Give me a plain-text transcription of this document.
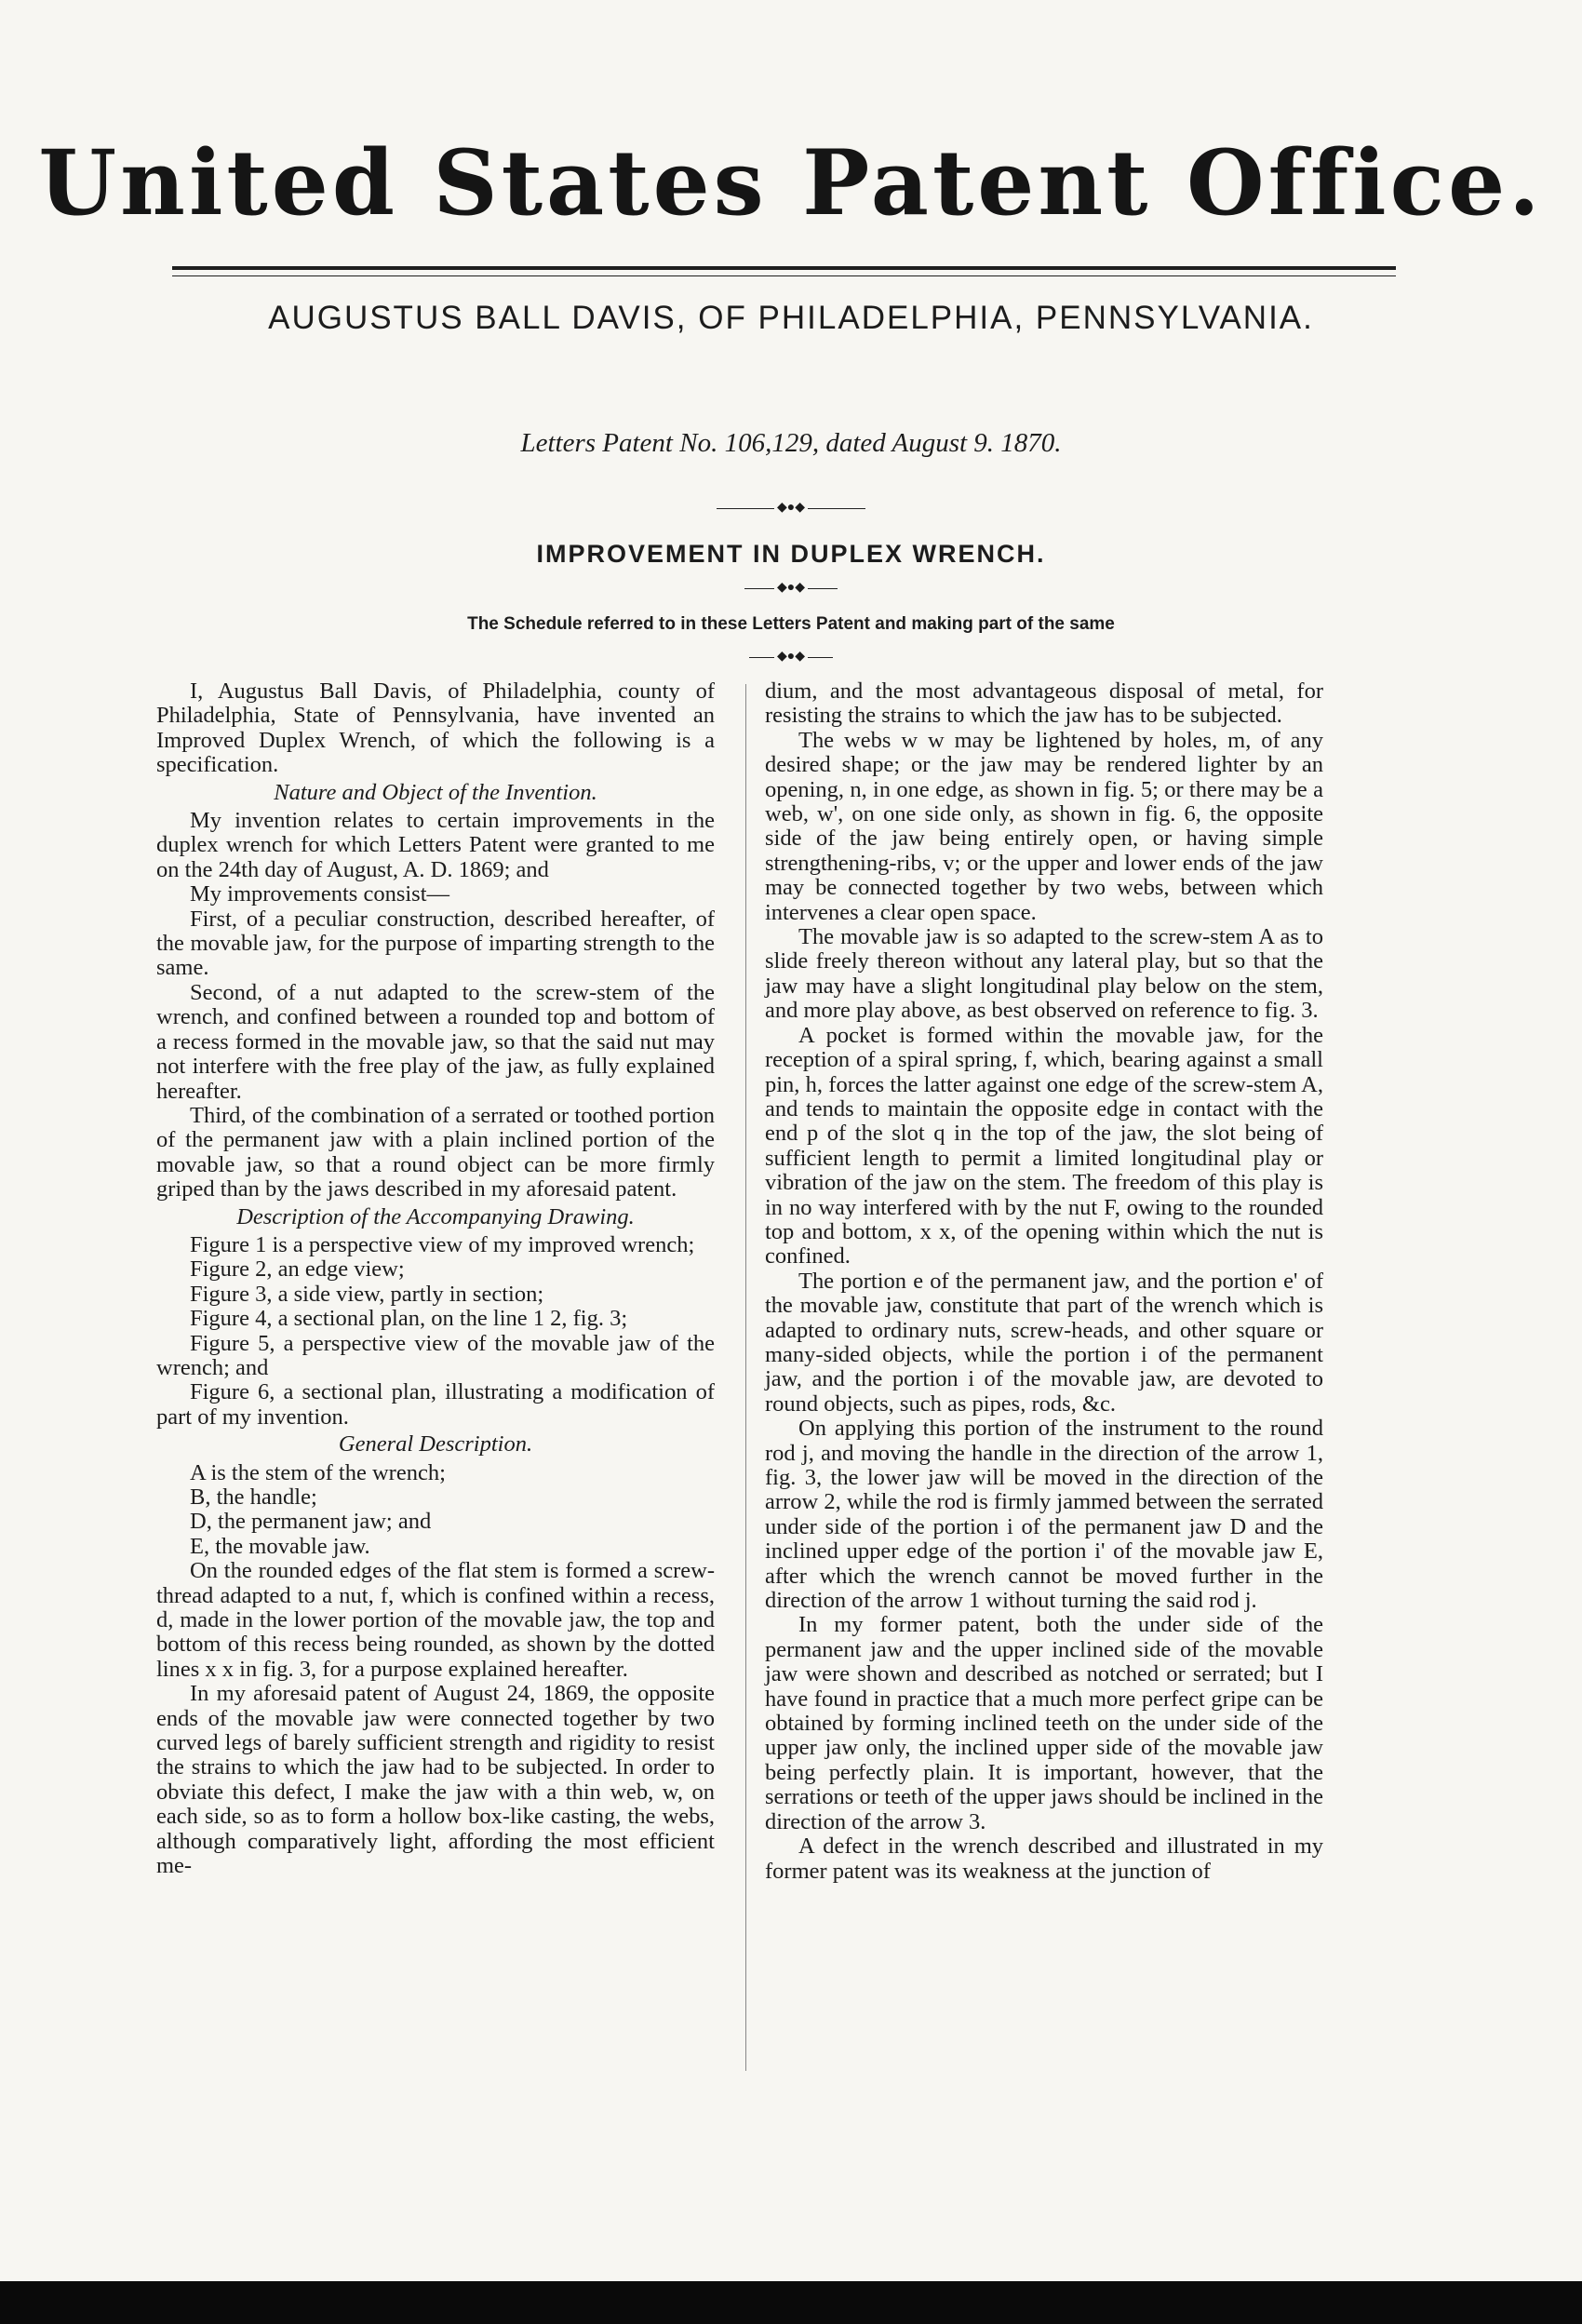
United States Patent Office.
AUGUSTUS BALL DAVIS, OF PHILADELPHIA, PENNSYLVANIA.
Letters Patent No. 106,129, dated August 9. 1870.
◆●◆
IMPROVEMENT IN DUPLEX WRENCH.
◆●◆
The Schedule referred to in these Letters Patent and making part of the same
◆●◆

I, Augustus Ball Davis, of Philadelphia, county of Philadelphia, State of Pennsylvania, have invented an Improved Duplex Wrench, of which the following is a specification.

Nature and Object of the Invention.

My invention relates to certain improvements in the duplex wrench for which Letters Patent were granted to me on the 24th day of August, A. D. 1869; and

My improvements consist—

First, of a peculiar construction, described hereafter, of the movable jaw, for the purpose of imparting strength to the same.

Second, of a nut adapted to the screw-stem of the wrench, and confined between a rounded top and bottom of a recess formed in the movable jaw, so that the said nut may not interfere with the free play of the jaw, as fully explained hereafter.

Third, of the combination of a serrated or toothed portion of the permanent jaw with a plain inclined portion of the movable jaw, so that a round object can be more firmly griped than by the jaws described in my aforesaid patent.

Description of the Accompanying Drawing.

Figure 1 is a perspective view of my improved wrench;

Figure 2, an edge view;

Figure 3, a side view, partly in section;

Figure 4, a sectional plan, on the line 1 2, fig. 3;

Figure 5, a perspective view of the movable jaw of the wrench; and

Figure 6, a sectional plan, illustrating a modification of part of my invention.

General Description.

A is the stem of the wrench;

B, the handle;

D, the permanent jaw; and

E, the movable jaw.

On the rounded edges of the flat stem is formed a screw-thread adapted to a nut, f, which is confined within a recess, d, made in the lower portion of the movable jaw, the top and bottom of this recess being rounded, as shown by the dotted lines x x in fig. 3, for a purpose explained hereafter.

In my aforesaid patent of August 24, 1869, the opposite ends of the movable jaw were connected together by two curved legs of barely sufficient strength and rigidity to resist the strains to which the jaw had to be subjected. In order to obviate this defect, I make the jaw with a thin web, w, on each side, so as to form a hollow box-like casting, the webs, although comparatively light, affording the most efficient me-

dium, and the most advantageous disposal of metal, for resisting the strains to which the jaw has to be subjected.

The webs w w may be lightened by holes, m, of any desired shape; or the jaw may be rendered lighter by an opening, n, in one edge, as shown in fig. 5; or there may be a web, w', on one side only, as shown in fig. 6, the opposite side of the jaw being entirely open, or having simple strengthening-ribs, v; or the upper and lower ends of the jaw may be connected together by two webs, between which intervenes a clear open space.

The movable jaw is so adapted to the screw-stem A as to slide freely thereon without any lateral play, but so that the jaw may have a slight longitudinal play below on the stem, and more play above, as best observed on reference to fig. 3.

A pocket is formed within the movable jaw, for the reception of a spiral spring, f, which, bearing against a small pin, h, forces the latter against one edge of the screw-stem A, and tends to maintain the opposite edge in contact with the end p of the slot q in the top of the jaw, the slot being of sufficient length to permit a limited longitudinal play or vibration of the jaw on the stem. The freedom of this play is in no way interfered with by the nut F, owing to the rounded top and bottom, x x, of the opening within which the nut is confined.

The portion e of the permanent jaw, and the portion e' of the movable jaw, constitute that part of the wrench which is adapted to ordinary nuts, screw-heads, and other square or many-sided objects, while the portion i of the permanent jaw, and the portion i of the movable jaw, are devoted to round objects, such as pipes, rods, &c.

On applying this portion of the instrument to the round rod j, and moving the handle in the direction of the arrow 1, fig. 3, the lower jaw will be moved in the direction of the arrow 2, while the rod is firmly jammed between the serrated under side of the portion i of the permanent jaw D and the inclined upper edge of the portion i' of the movable jaw E, after which the wrench cannot be moved further in the direction of the arrow 1 without turning the said rod j.

In my former patent, both the under side of the permanent jaw and the upper inclined side of the movable jaw were shown and described as notched or serrated; but I have found in practice that a much more perfect gripe can be obtained by forming inclined teeth on the under side of the upper jaw only, the inclined upper side of the movable jaw being perfectly plain. It is important, however, that the serrations or teeth of the upper jaws should be inclined in the direction of the arrow 3.

A defect in the wrench described and illustrated in my former patent was its weakness at the junction of
